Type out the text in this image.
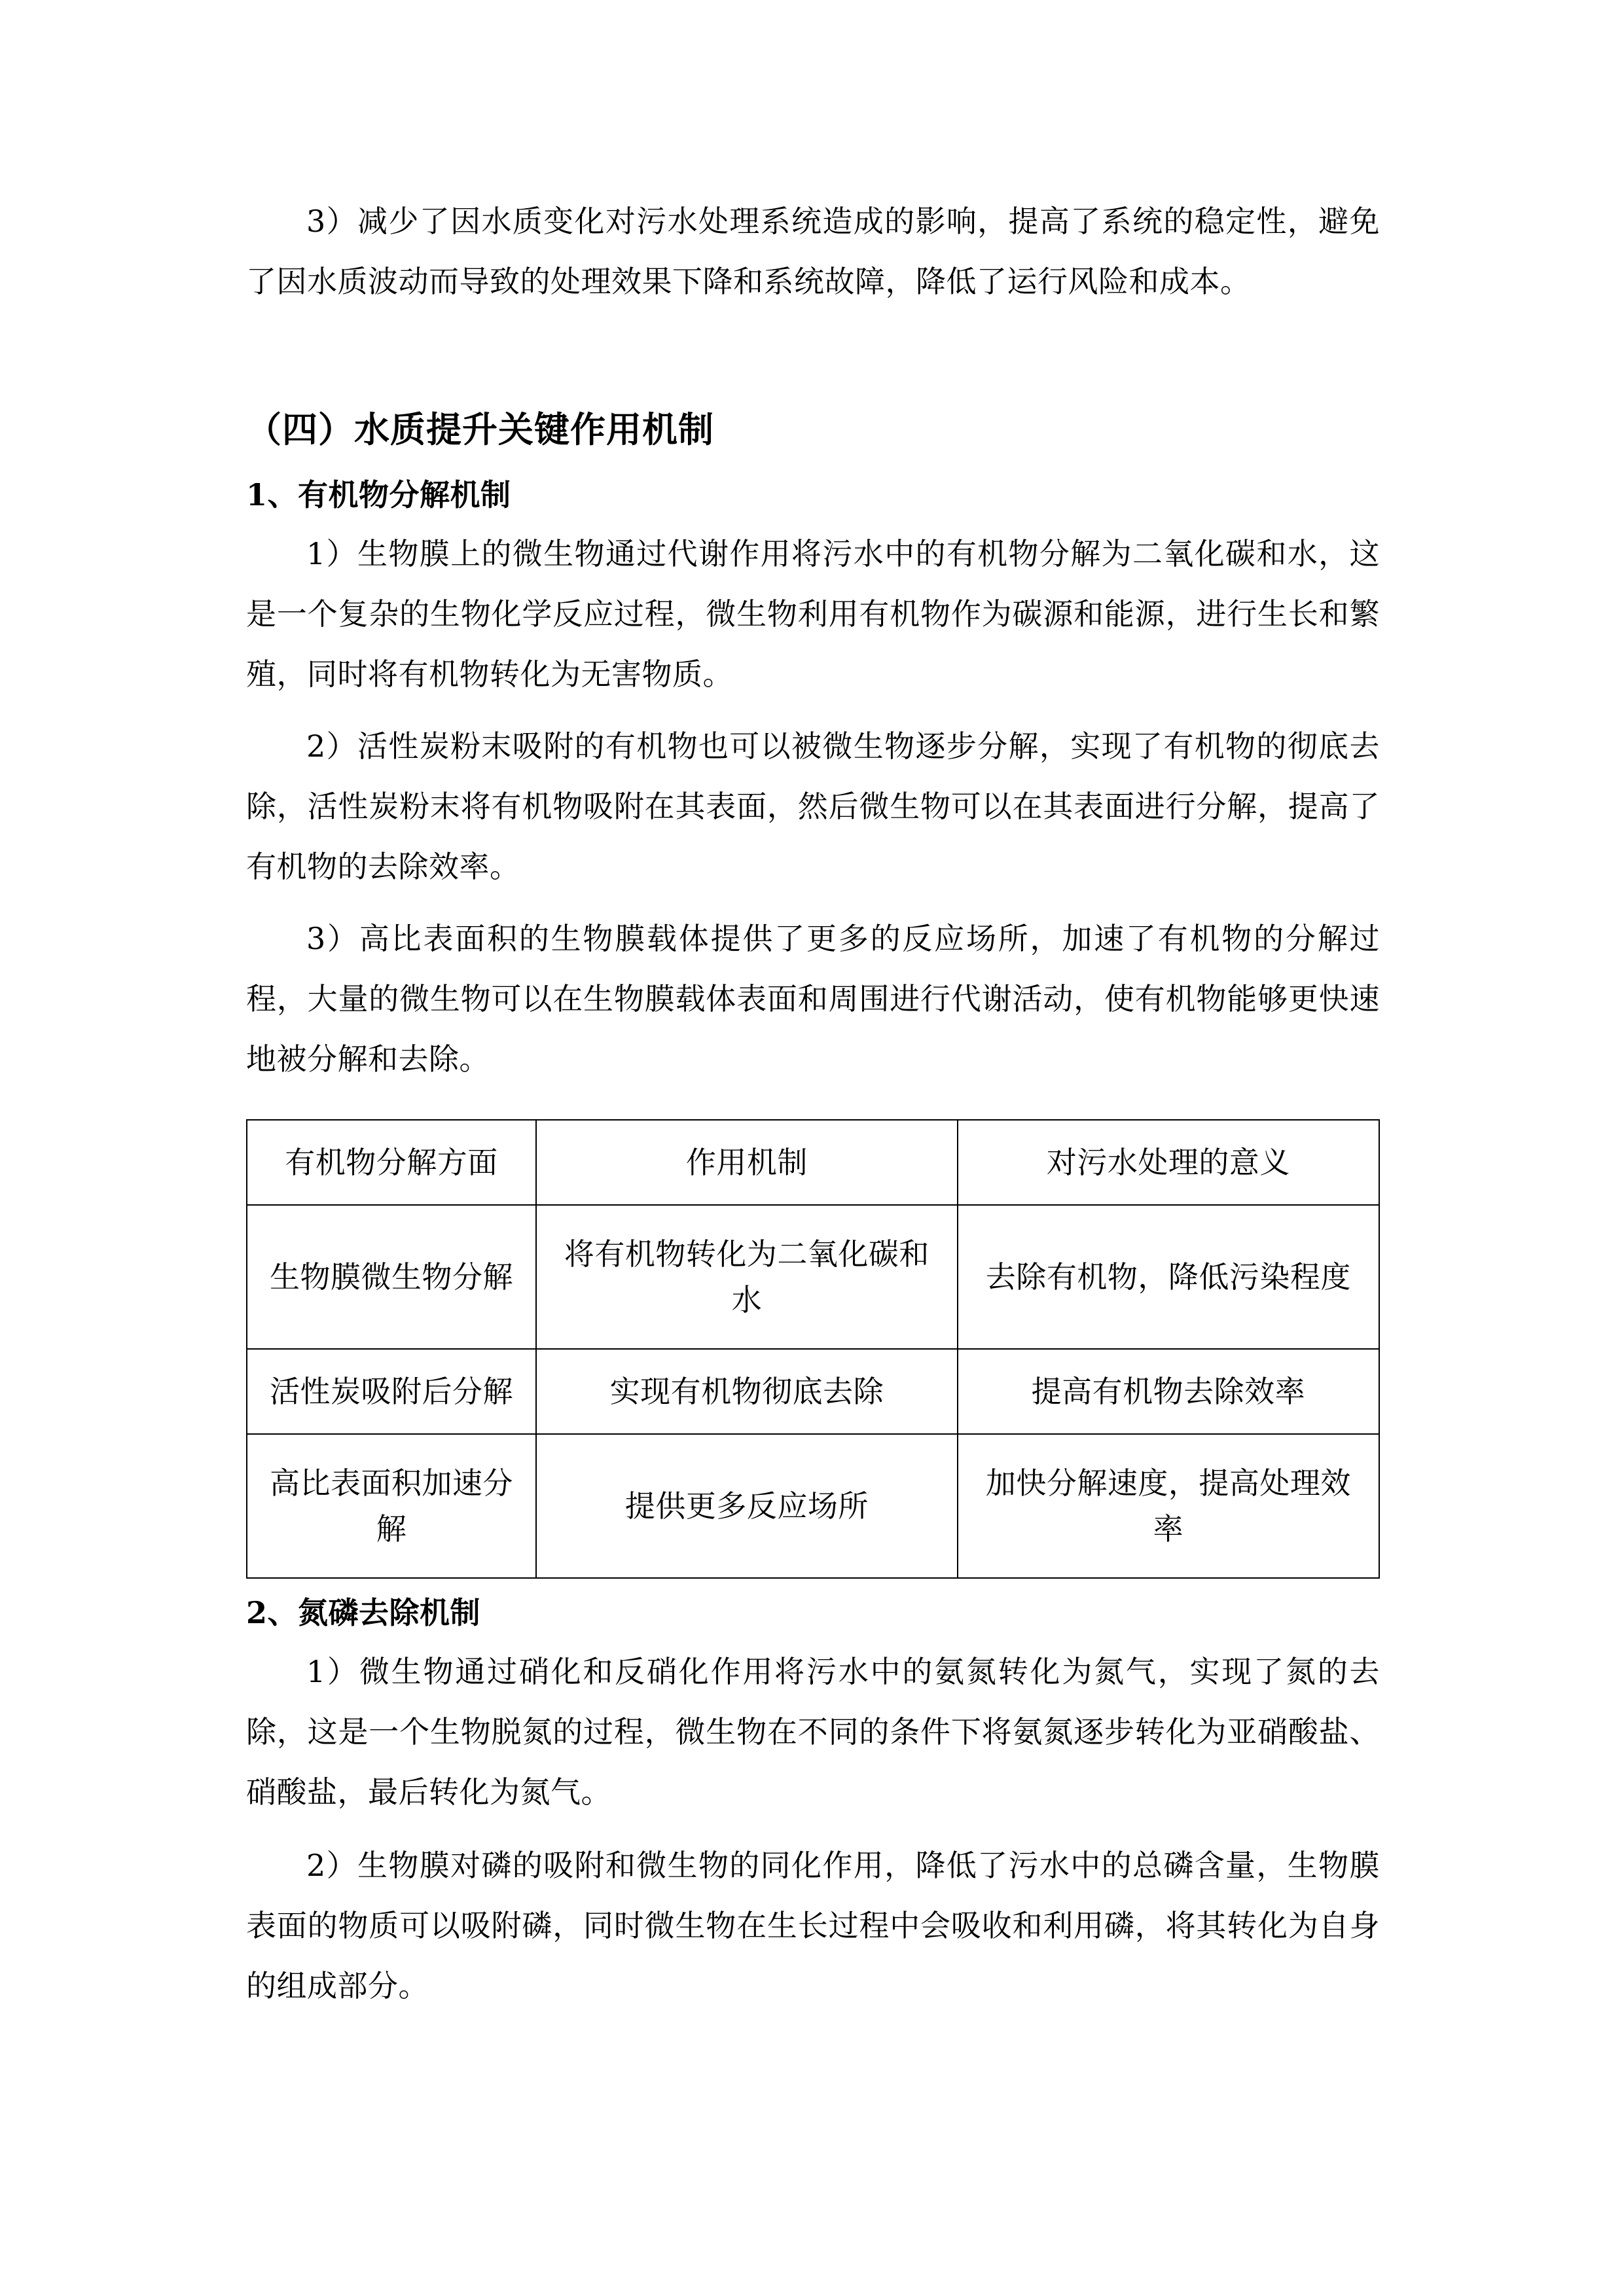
3）减少了因水质变化对污水处理系统造成的影响，提高了系统的稳定性，避免了因水质波动而导致的处理效果下降和系统故障，降低了运行风险和成本。

（四）水质提升关键作用机制
1、有机物分解机制

1）生物膜上的微生物通过代谢作用将污水中的有机物分解为二氧化碳和水，这是一个复杂的生物化学反应过程，微生物利用有机物作为碳源和能源，进行生长和繁殖，同时将有机物转化为无害物质。

2）活性炭粉末吸附的有机物也可以被微生物逐步分解，实现了有机物的彻底去除，活性炭粉末将有机物吸附在其表面，然后微生物可以在其表面进行分解，提高了有机物的去除效率。

3）高比表面积的生物膜载体提供了更多的反应场所，加速了有机物的分解过程，大量的微生物可以在生物膜载体表面和周围进行代谢活动，使有机物能够更快速地被分解和去除。

有机物分解方面	作用机制	对污水处理的意义
生物膜微生物分解	将有机物转化为二氧化碳和水	去除有机物，降低污染程度
活性炭吸附后分解	实现有机物彻底去除	提高有机物去除效率
高比表面积加速分解	提供更多反应场所	加快分解速度，提高处理效率
2、氮磷去除机制

1）微生物通过硝化和反硝化作用将污水中的氨氮转化为氮气，实现了氮的去除，这是一个生物脱氮的过程，微生物在不同的条件下将氨氮逐步转化为亚硝酸盐、硝酸盐，最后转化为氮气。

2）生物膜对磷的吸附和微生物的同化作用，降低了污水中的总磷含量，生物膜表面的物质可以吸附磷，同时微生物在生长过程中会吸收和利用磷，将其转化为自身的组成部分。
